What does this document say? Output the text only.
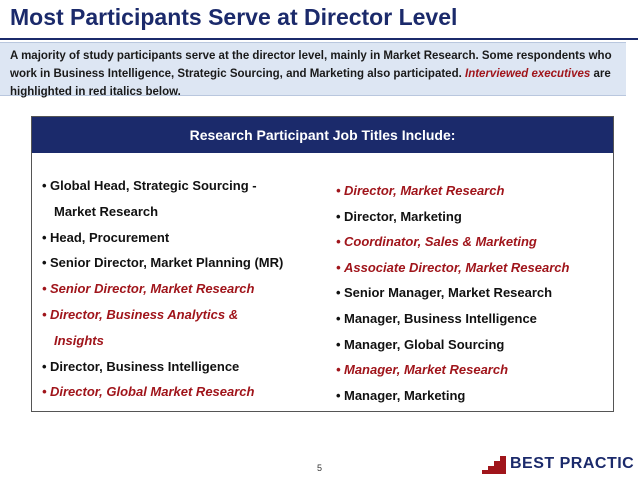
Most Participants Serve at Director Level
A majority of study participants serve at the director level, mainly in Market Research. Some respondents who work in Business Intelligence, Strategic Sourcing, and Marketing also participated. Interviewed executives are highlighted in red italics below.
Research Participant Job Titles Include:
• Global Head, Strategic Sourcing -
Market Research
• Head, Procurement
• Senior Director, Market Planning (MR)
• Senior Director, Market Research
• Director, Business Analytics &
Insights
• Director, Business Intelligence
• Director, Global Market Research
• Director, Market Research
• Director, Marketing
• Coordinator, Sales & Marketing
• Associate Director, Market Research
• Senior Manager, Market Research
• Manager, Business Intelligence
• Manager, Global Sourcing
• Manager, Market Research
• Manager, Marketing
5	BEST PRACTIC
